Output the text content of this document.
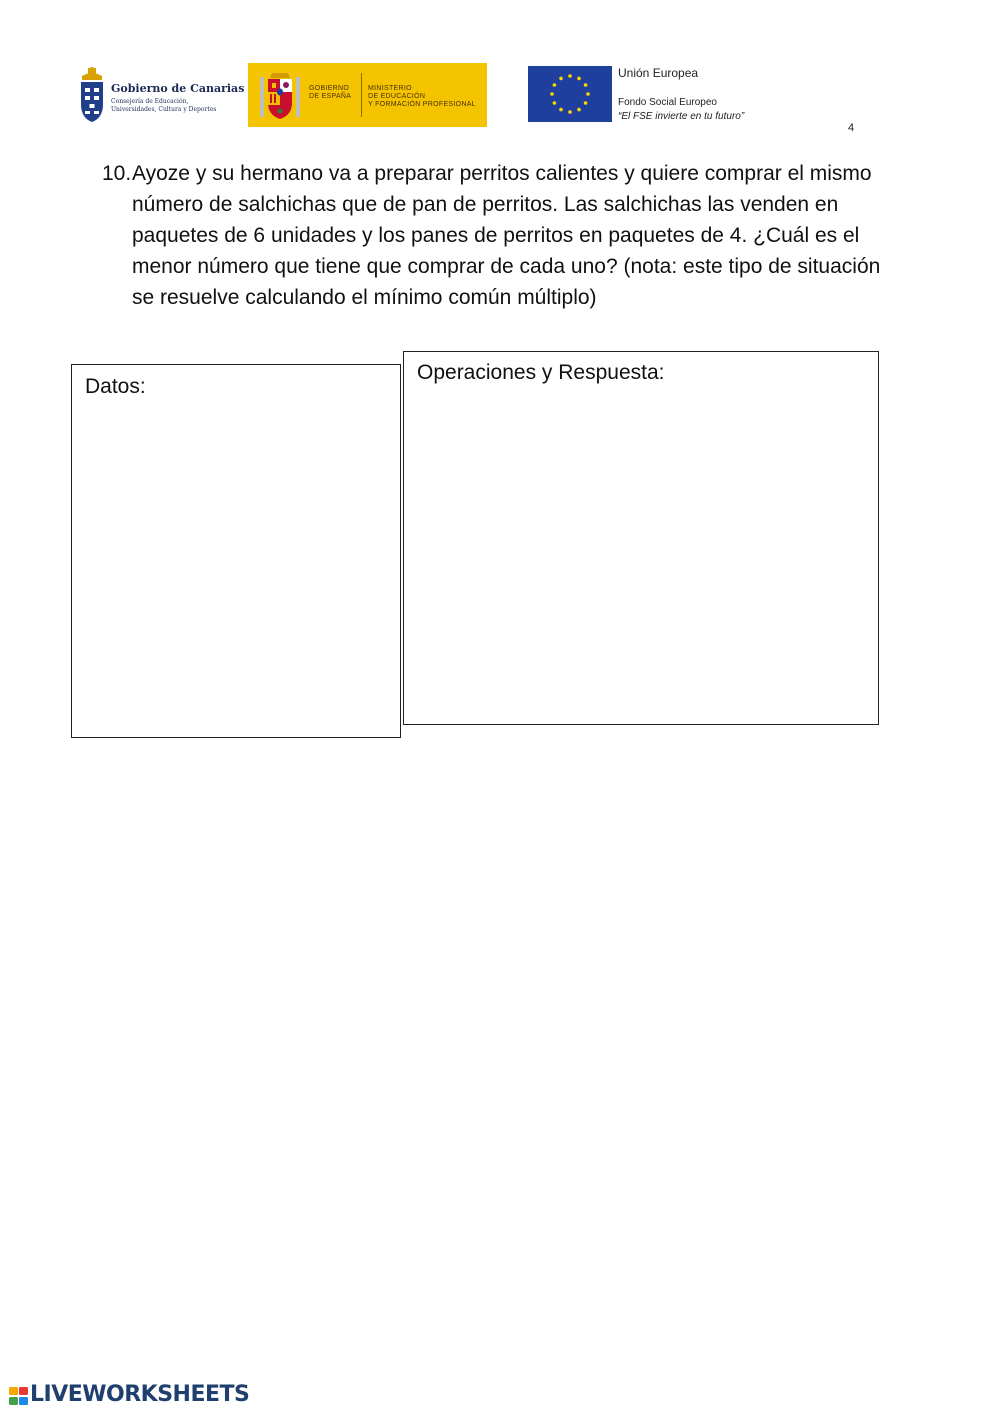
Gobierno de Canarias
Consejería de Educación,
Universidades, Cultura y Deportes
GOBIERNO
DE ESPAÑA
MINISTERIO
DE EDUCACIÓN
Y FORMACIÓN PROFESIONAL
Unión Europea
Fondo Social Europeo
“El FSE invierte en tu futuro”
4
10. Ayoze y su hermano va a preparar perritos calientes y quiere comprar el mismo número de salchichas que de pan de perritos. Las salchichas las venden en paquetes de 6 unidades y los panes de perritos en paquetes de 4. ¿Cuál es el menor número que tiene que comprar de cada uno? (nota: este tipo de situación se resuelve calculando el mínimo común múltiplo)
Datos:
Operaciones y Respuesta:
LIVEWORKSHEETS
